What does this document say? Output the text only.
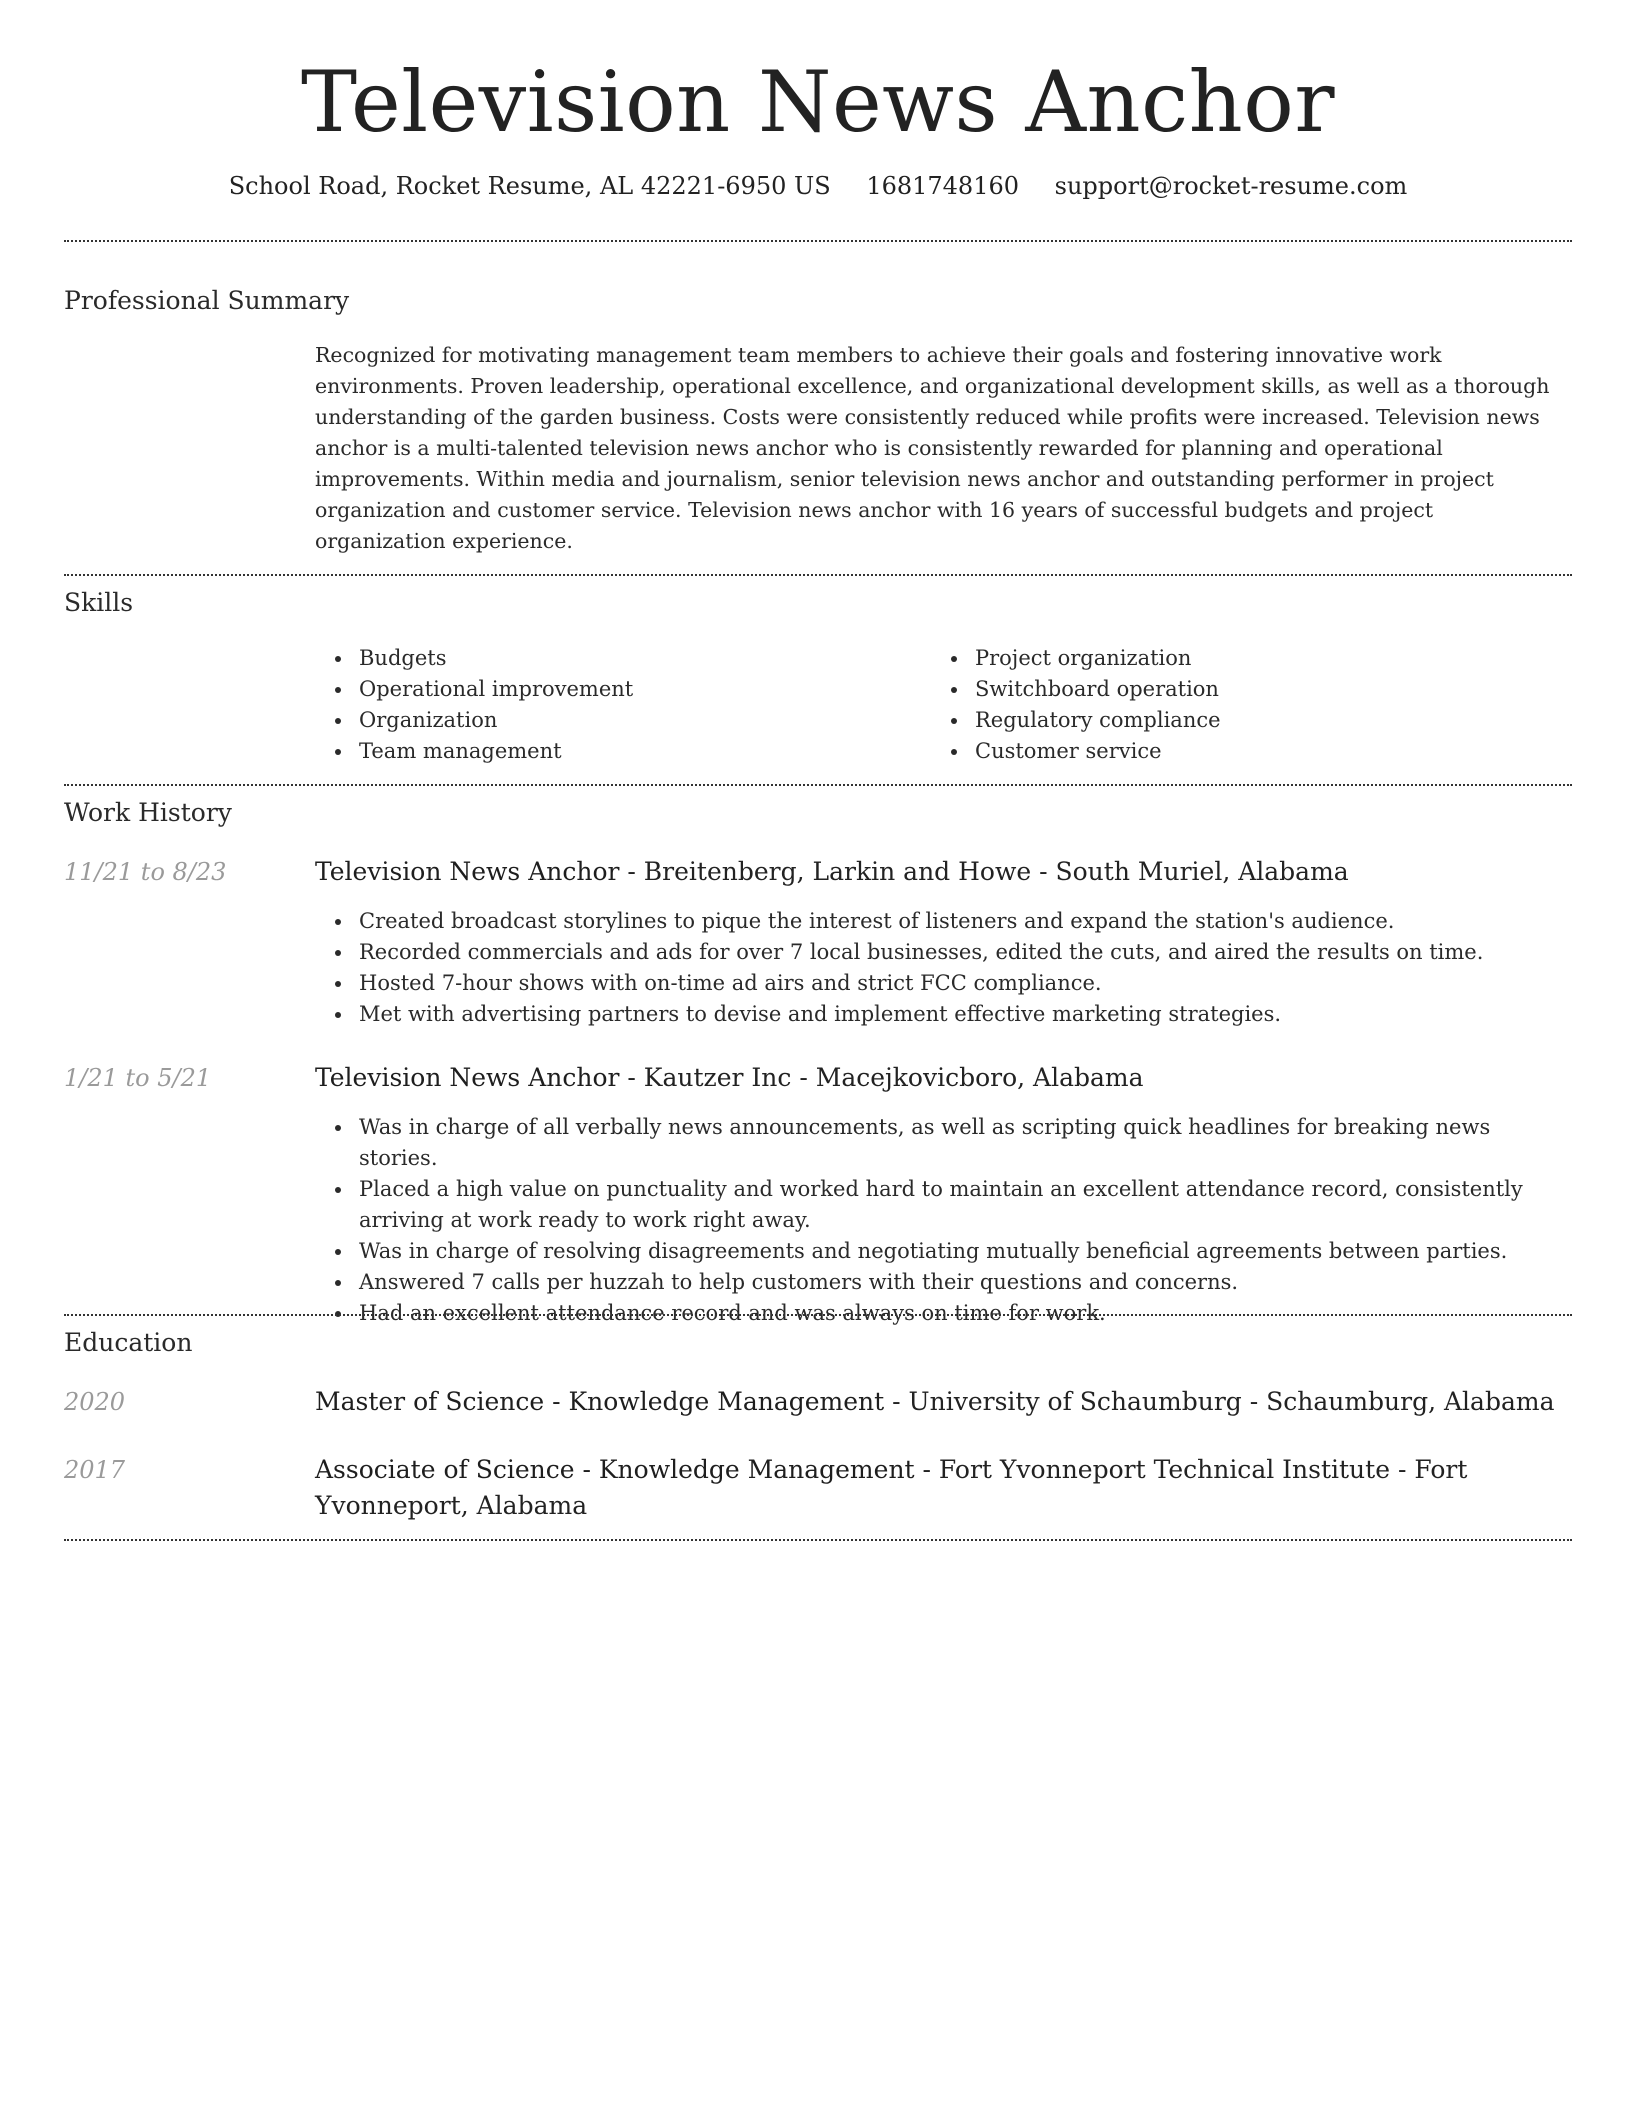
Television News Anchor
School Road, Rocket Resume, AL 42221-6950 US 1681748160 support@rocket-resume.com
Professional Summary

Recognized for motivating management team members to achieve their goals and fostering innovative work environments. Proven leadership, operational excellence, and organizational development skills, as well as a thorough understanding of the garden business. Costs were consistently reduced while profits were increased. Television news anchor is a multi-talented television news anchor who is consistently rewarded for planning and operational improvements. Within media and journalism, senior television news anchor and outstanding performer in project organization and customer service. Television news anchor with 16 years of successful budgets and project organization experience.

Skills
Budgets
Operational improvement
Organization
Team management
Project organization
Switchboard operation
Regulatory compliance
Customer service
Work History
11/21 to 8/23	Television News Anchor - Breitenberg, Larkin and Howe - South Muriel, Alabama
Created broadcast storylines to pique the interest of listeners and expand the station's audience.
Recorded commercials and ads for over 7 local businesses, edited the cuts, and aired the results on time.
Hosted 7-hour shows with on-time ad airs and strict FCC compliance.
Met with advertising partners to devise and implement effective marketing strategies.
1/21 to 5/21	Television News Anchor - Kautzer Inc - Macejkovicboro, Alabama
Was in charge of all verbally news announcements, as well as scripting quick headlines for breaking news stories.
Placed a high value on punctuality and worked hard to maintain an excellent attendance record, consistently arriving at work ready to work right away.
Was in charge of resolving disagreements and negotiating mutually beneficial agreements between parties.
Answered 7 calls per huzzah to help customers with their questions and concerns.
Had an excellent attendance record and was always on time for work.
Education
2020	Master of Science - Knowledge Management - University of Schaumburg - Schaumburg, Alabama
2017	Associate of Science - Knowledge Management - Fort Yvonneport Technical Institute - Fort Yvonneport, Alabama
